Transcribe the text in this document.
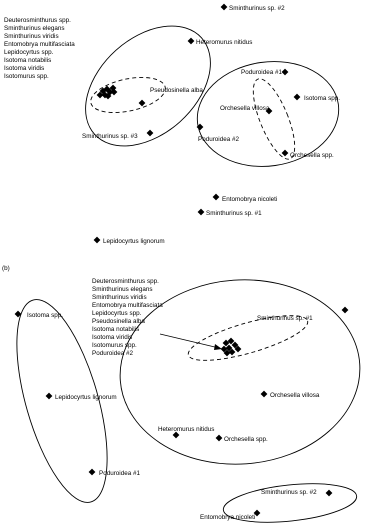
Deuterosminthurus spp.
Sminthurinus elegans
Sminthurinus viridis
Entomobrya multifasciata
Lepidocyrtus spp.
Isotoma notabilis
Isotoma viridis
Isotomurus spp.
Sminthurinus sp. #2
Heteromurus nitidus
Pseudosinella alba
Poduroidea #1
Isotoma spp.
Orchesella villosa
Orchesella spp.
Poduroidea #2
Sminthurinus sp. #3
Entomobrya nicoleti
Sminthurinus sp. #1
Lepidocyrtus lignorum
(b)
Deuterosminthurus spp.
Sminthurinus elegans
Sminthurinus viridis
Entomobrya multifasciata
Lepidocyrtus spp.
Pseudosinella alba
Isotoma notabilis
Isotoma viridis
Isotomurus spp.
Poduroidea #2
Sminthurinus sp. #1
Isotoma spp.
Lepidocyrtus lignorum
Poduroidea #1
Orchesella villosa
Heteromurus nitidus
Orchesella spp.
Sminthurinus sp. #2
Entomobrya nicoleti
